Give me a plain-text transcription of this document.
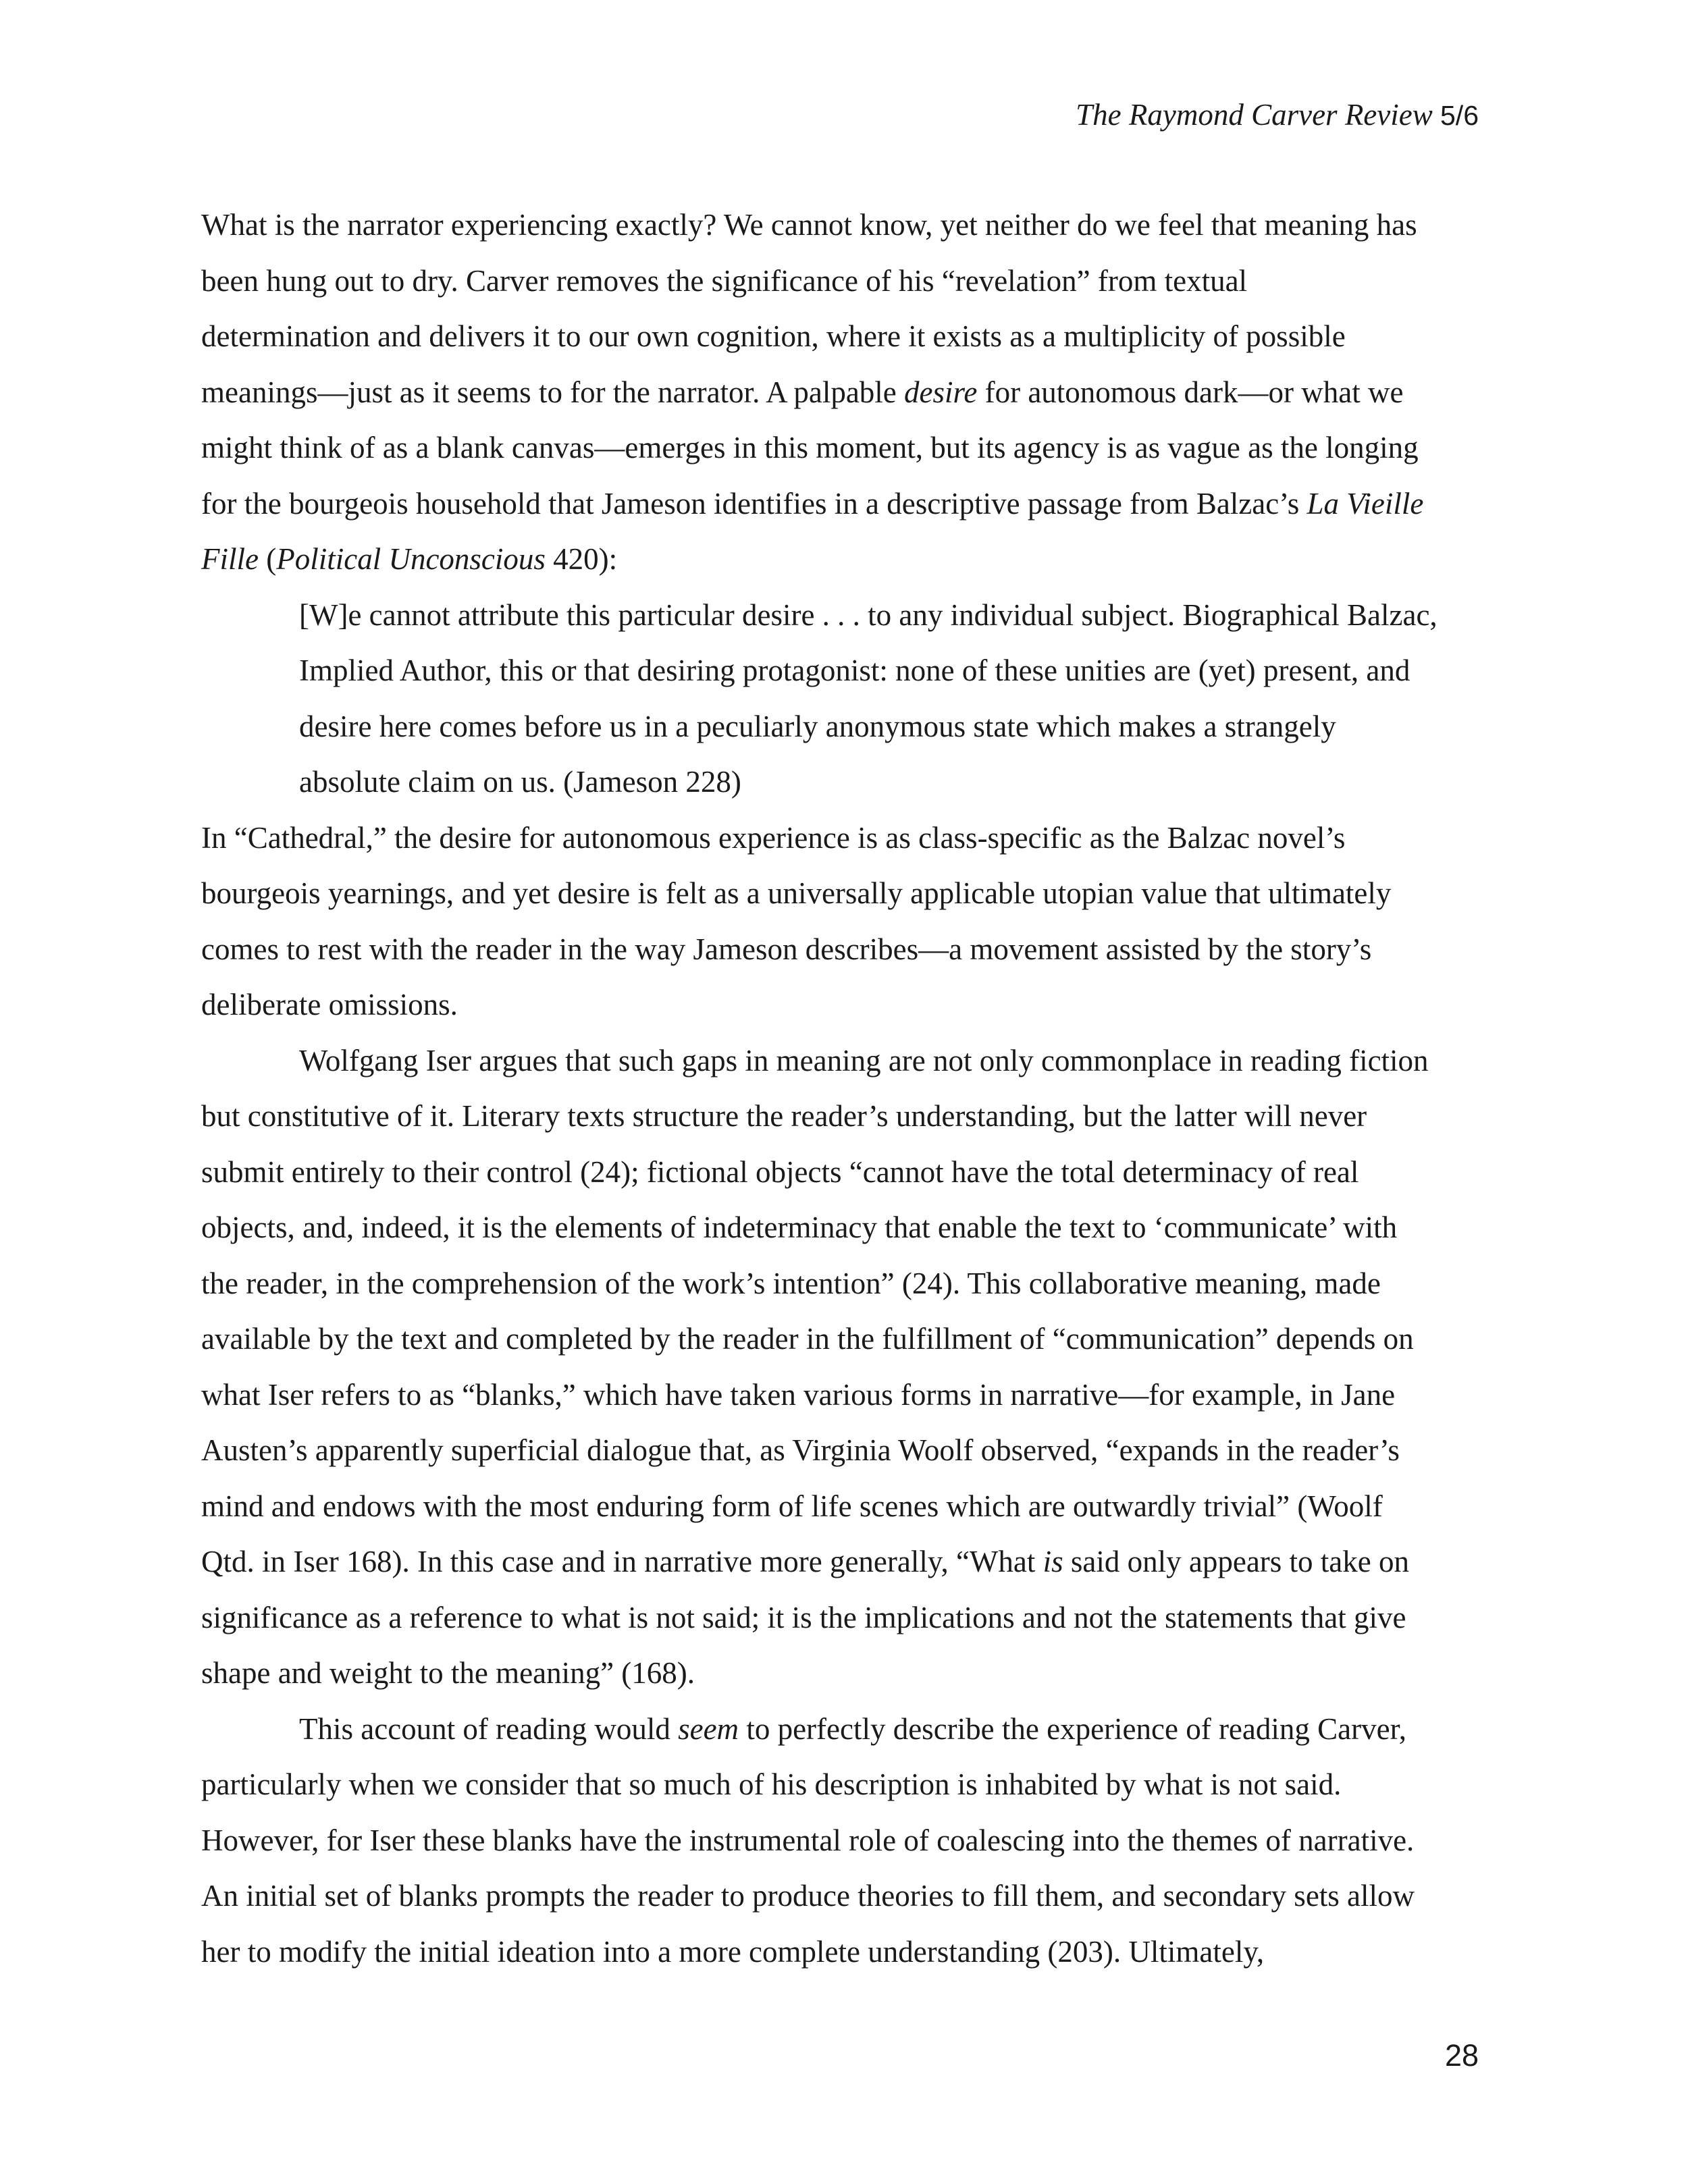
The Raymond Carver Review 5/6
What is the narrator experiencing exactly? We cannot know, yet neither do we feel that meaning has
been hung out to dry. Carver removes the significance of his “revelation” from textual
determination and delivers it to our own cognition, where it exists as a multiplicity of possible
meanings—just as it seems to for the narrator. A palpable desire for autonomous dark—or what we
might think of as a blank canvas—emerges in this moment, but its agency is as vague as the longing
for the bourgeois household that Jameson identifies in a descriptive passage from Balzac’s La Vieille
Fille (Political Unconscious 420):
[W]e cannot attribute this particular desire . . . to any individual subject. Biographical Balzac,
Implied Author, this or that desiring protagonist: none of these unities are (yet) present, and
desire here comes before us in a peculiarly anonymous state which makes a strangely
absolute claim on us. (Jameson 228)
In “Cathedral,” the desire for autonomous experience is as class-specific as the Balzac novel’s
bourgeois yearnings, and yet desire is felt as a universally applicable utopian value that ultimately
comes to rest with the reader in the way Jameson describes—a movement assisted by the story’s
deliberate omissions.
Wolfgang Iser argues that such gaps in meaning are not only commonplace in reading fiction
but constitutive of it. Literary texts structure the reader’s understanding, but the latter will never
submit entirely to their control (24); fictional objects “cannot have the total determinacy of real
objects, and, indeed, it is the elements of indeterminacy that enable the text to ‘communicate’ with
the reader, in the comprehension of the work’s intention” (24). This collaborative meaning, made
available by the text and completed by the reader in the fulfillment of “communication” depends on
what Iser refers to as “blanks,” which have taken various forms in narrative—for example, in Jane
Austen’s apparently superficial dialogue that, as Virginia Woolf observed, “expands in the reader’s
mind and endows with the most enduring form of life scenes which are outwardly trivial” (Woolf
Qtd. in Iser 168). In this case and in narrative more generally, “What is said only appears to take on
significance as a reference to what is not said; it is the implications and not the statements that give
shape and weight to the meaning” (168).
This account of reading would seem to perfectly describe the experience of reading Carver,
particularly when we consider that so much of his description is inhabited by what is not said.
However, for Iser these blanks have the instrumental role of coalescing into the themes of narrative.
An initial set of blanks prompts the reader to produce theories to fill them, and secondary sets allow
her to modify the initial ideation into a more complete understanding (203). Ultimately,
28
